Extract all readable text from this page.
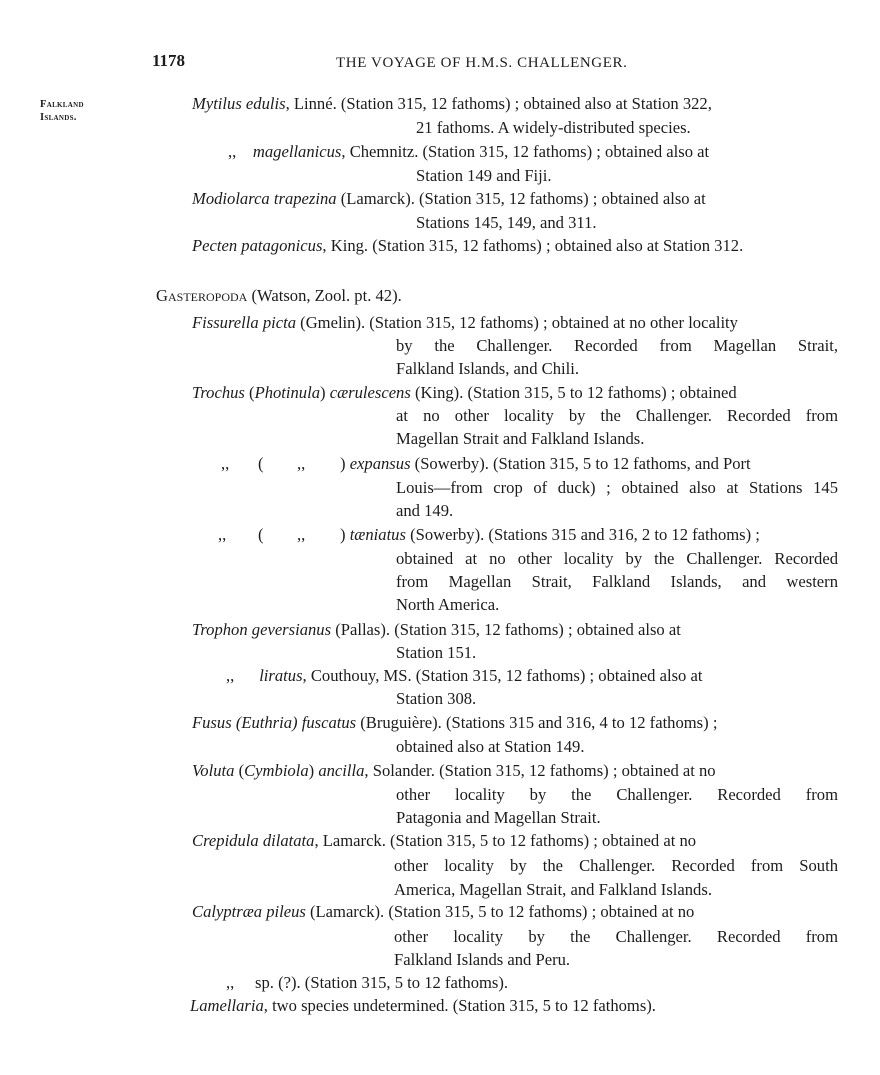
1178	THE VOYAGE OF H.M.S. CHALLENGER.
Falkland
Islands.
Mytilus edulis, Linné. (Station 315, 12 fathoms) ; obtained also at Station 322,
21 fathoms. A widely-distributed species.
,, magellanicus, Chemnitz. (Station 315, 12 fathoms) ; obtained also at
Station 149 and Fiji.
Modiolarca trapezina (Lamarck). (Station 315, 12 fathoms) ; obtained also at
Stations 145, 149, and 311.
Pecten patagonicus, King. (Station 315, 12 fathoms) ; obtained also at Station 312.
Gasteropoda (Watson, Zool. pt. 42).
Fissurella picta (Gmelin). (Station 315, 12 fathoms) ; obtained at no other locality
by the Challenger. Recorded from Magellan Strait,
Falkland Islands, and Chili.
Trochus (Photinula) cærulescens (King). (Station 315, 5 to 12 fathoms) ; obtained
at no other locality by the Challenger. Recorded from
Magellan Strait and Falkland Islands.
,, ( ,, ) expansus (Sowerby). (Station 315, 5 to 12 fathoms, and Port
Louis—from crop of duck) ; obtained also at Stations 145
and 149.
,, ( ,, ) tæniatus (Sowerby). (Stations 315 and 316, 2 to 12 fathoms) ;
obtained at no other locality by the Challenger. Recorded
from Magellan Strait, Falkland Islands, and western
North America.
Trophon geversianus (Pallas). (Station 315, 12 fathoms) ; obtained also at
Station 151.
,, liratus, Couthouy, MS. (Station 315, 12 fathoms) ; obtained also at
Station 308.
Fusus (Euthria) fuscatus (Bruguière). (Stations 315 and 316, 4 to 12 fathoms) ;
obtained also at Station 149.
Voluta (Cymbiola) ancilla, Solander. (Station 315, 12 fathoms) ; obtained at no
other locality by the Challenger. Recorded from
Patagonia and Magellan Strait.
Crepidula dilatata, Lamarck. (Station 315, 5 to 12 fathoms) ; obtained at no
other locality by the Challenger. Recorded from South
America, Magellan Strait, and Falkland Islands.
Calyptræa pileus (Lamarck). (Station 315, 5 to 12 fathoms) ; obtained at no
other locality by the Challenger. Recorded from
Falkland Islands and Peru.
,, sp. (?). (Station 315, 5 to 12 fathoms).
Lamellaria, two species undetermined. (Station 315, 5 to 12 fathoms).
